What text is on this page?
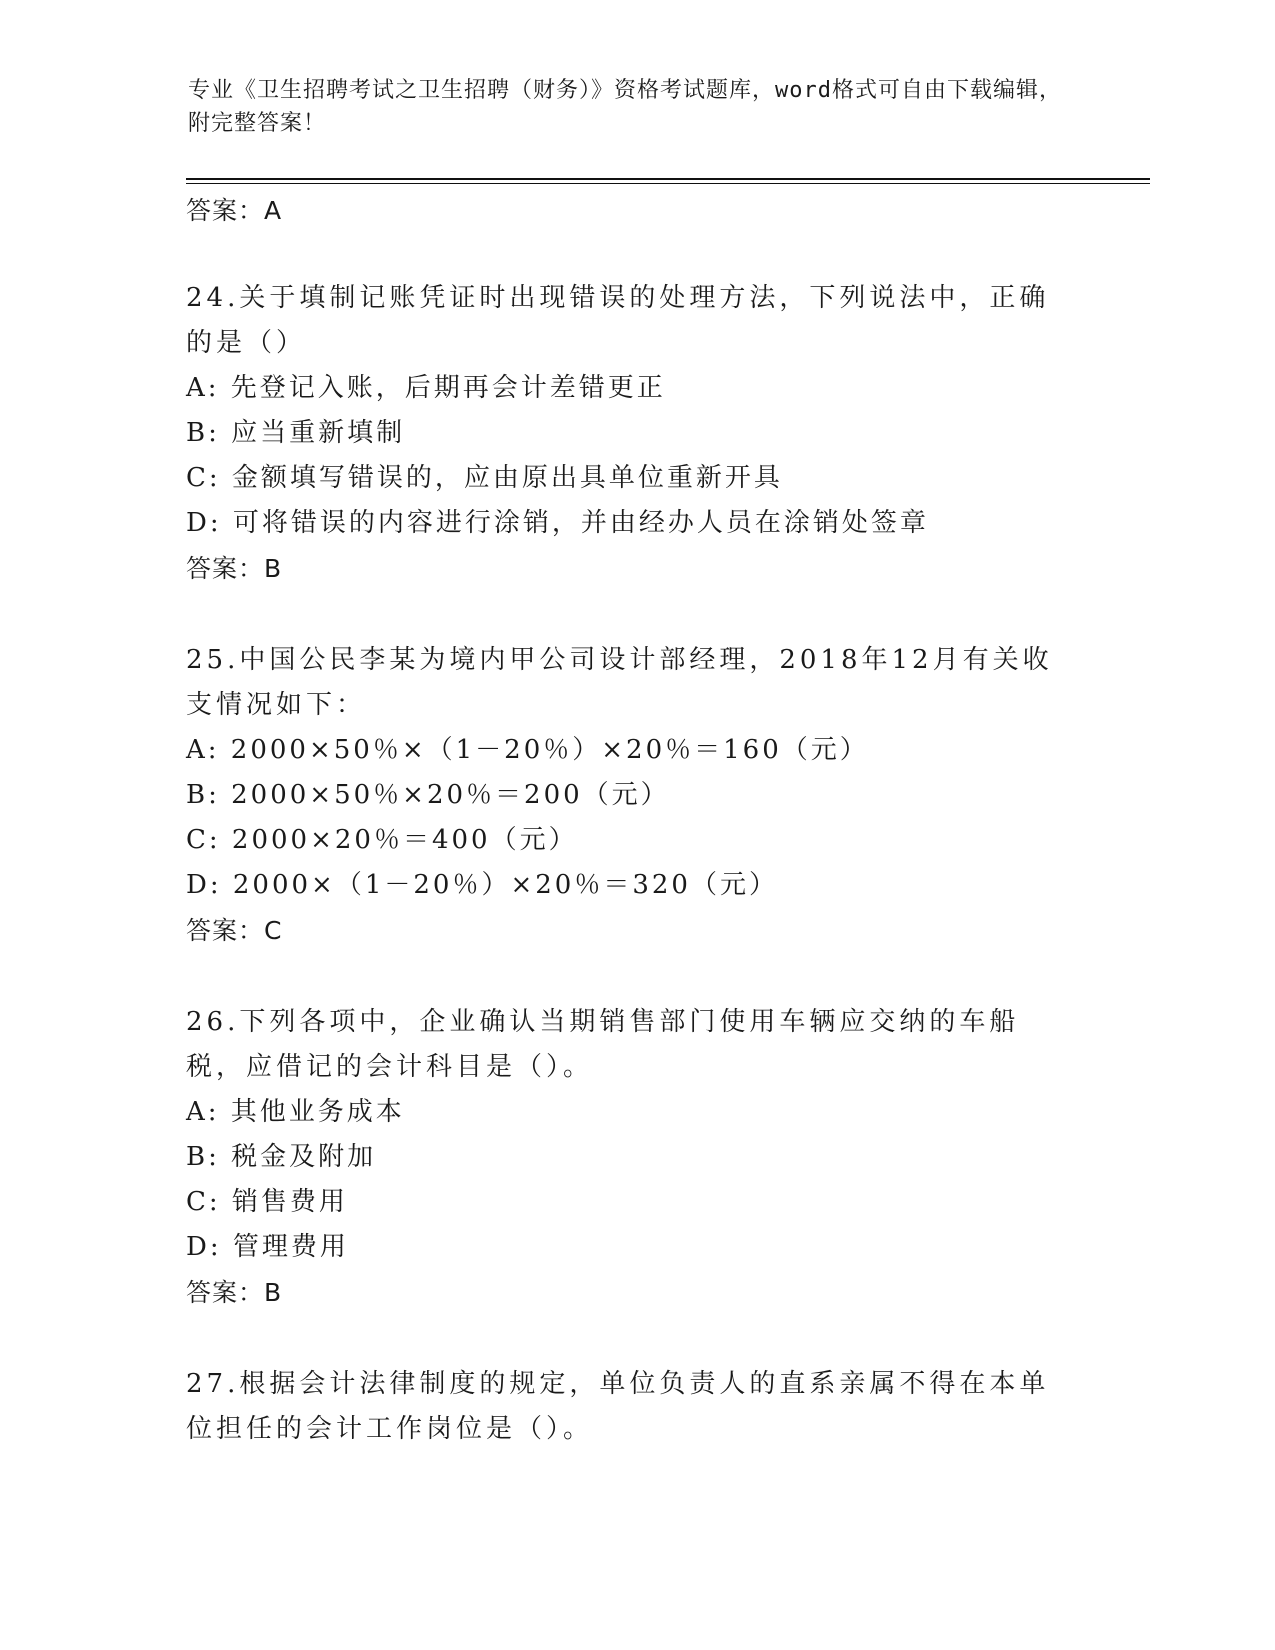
专业《卫生招聘考试之卫生招聘（财务）》资格考试题库，word格式可自由下载编辑，附完整答案！
答案：A
24.关于填制记账凭证时出现错误的处理方法，下列说法中，正确的是（）
A: 先登记入账，后期再会计差错更正
B: 应当重新填制
C: 金额填写错误的，应由原出具单位重新开具
D: 可将错误的内容进行涂销，并由经办人员在涂销处签章
答案：B
25.中国公民李某为境内甲公司设计部经理，2018年12月有关收支情况如下：
A: 2000×50％×（1－20％）×20％＝160（元）
B: 2000×50％×20％＝200（元）
C: 2000×20％＝400（元）
D: 2000×（1－20％）×20％＝320（元）
答案：C
26.下列各项中，企业确认当期销售部门使用车辆应交纳的车船税，应借记的会计科目是（）。
A: 其他业务成本
B: 税金及附加
C: 销售费用
D: 管理费用
答案：B
27.根据会计法律制度的规定，单位负责人的直系亲属不得在本单位担任的会计工作岗位是（）。
